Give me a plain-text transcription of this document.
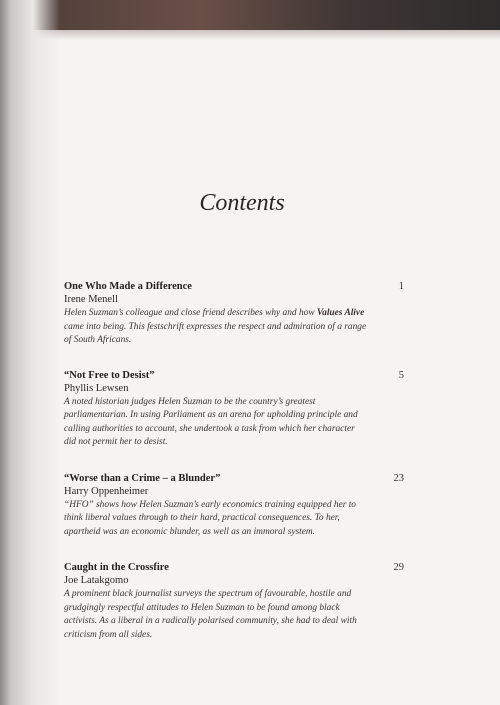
Contents
One Who Made a Difference	1
Irene Menell
Helen Suzman’s colleague and close friend describes why and how Values Alive came into being. This festschrift expresses the respect and admiration of a range of South Africans.
“Not Free to Desist”	5
Phyllis Lewsen
A noted historian judges Helen Suzman to be the country’s greatest parliamentarian. In using Parliament as an arena for upholding principle and calling authorities to account, she undertook a task from which her character did not permit her to desist.
“Worse than a Crime – a Blunder”	23
Harry Oppenheimer
“HFO” shows how Helen Suzman’s early economics training equipped her to think liberal values through to their hard, practical consequences. To her, apartheid was an economic blunder, as well as an immoral system.
Caught in the Crossfire	29
Joe Latakgomo
A prominent black journalist surveys the spectrum of favourable, hostile and grudgingly respectful attitudes to Helen Suzman to be found among black activists. As a liberal in a radically polarised community, she had to deal with criticism from all sides.
